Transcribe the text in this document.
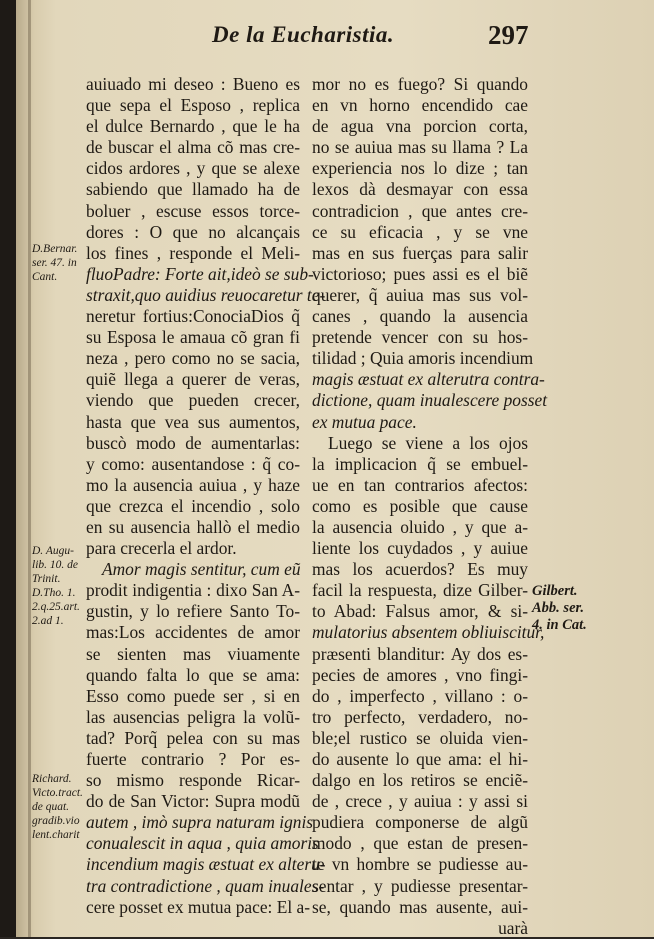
De la Eucharistia.	297
auiuado mi deseo : Bueno es
que sepa el Esposo , replica
el dulce Bernardo , que le ha
de buscar el alma cõ mas cre-
cidos ardores , y que se alexe
sabiendo que llamado ha de
boluer , escuse essos torce-
dores : O que no alcançais
los fines , responde el Meli-
fluoPadre: Forte ait,ideò se sub-
straxit,quo auidius reuocaretur te-
neretur fortius:ConociaDios q̃
su Esposa le amaua cõ gran fi
neza , pero como no se sacia,
quiẽ llega a querer de veras,
viendo que pueden crecer,
hasta que vea sus aumentos,
buscò modo de aumentarlas:
y como: ausentandose : q̃ co-
mo la ausencia auiua , y haze
que crezca el incendio , solo
en su ausencia hallò el medio
para crecerla el ardor.
Amor magis sentitur, cum eũ
prodit indigentia : dixo San A-
gustin, y lo refiere Santo To-
mas:Los accidentes de amor
se sienten mas viuamente
quando falta lo que se ama:
Esso como puede ser , si en
las ausencias peligra la volũ-
tad? Porq̃ pelea con su mas
fuerte contrario ? Por es-
so mismo responde Ricar-
do de San Victor: Supra modũ
autem , imò supra naturam ignis
conualescit in aqua , quia amoris
incendium magis æstuat ex alteru-
tra contradictione , quam inuales-
cere posset ex mutua pace: El a-
mor no es fuego? Si quando
en vn horno encendido cae
de agua vna porcion corta,
no se auiua mas su llama ? La
experiencia nos lo dize ; tan
lexos dà desmayar con essa
contradicion , que antes cre-
ce su eficacia , y se vne
mas en sus fuerças para salir
victorioso; pues assi es el biẽ
querer, q̃ auiua mas sus vol-
canes , quando la ausencia
pretende vencer con su hos-
tilidad ; Quia amoris incendium
magis æstuat ex alterutra contra-
dictione, quam inualescere posset
ex mutua pace.
Luego se viene a los ojos
la implicacion q̃ se embuel-
ue en tan contrarios afectos:
como es posible que cause
la ausencia oluido , y que a-
liente los cuydados , y auiue
mas los acuerdos? Es muy
facil la respuesta, dize Gilber-
to Abad: Falsus amor, & si-
mulatorius absentem obliuiscitur,
præsenti blanditur: Ay dos es-
pecies de amores , vno fingi-
do , imperfecto , villano : o-
tro perfecto, verdadero, no-
ble;el rustico se oluida vien-
do ausente lo que ama: el hi-
dalgo en los retiros se enciẽ-
de , crece , y auiua : y assi si
pudiera componerse de algũ
modo , que estan de presen-
te vn hombre se pudiesse au-
sentar , y pudiesse presentar-
se, quando mas ausente, aui-
uarà
D.Bernar.
ser. 47. in
Cant.
D. Augu-
lib. 10. de
Trinit.
D.Tho. 1.
2.q.25.art.
2.ad 1.
Richard.
Victo.tract.
de quat.
gradib.vio
lent.charit
Gilbert.
Abb. ser.
4. in Cat.
